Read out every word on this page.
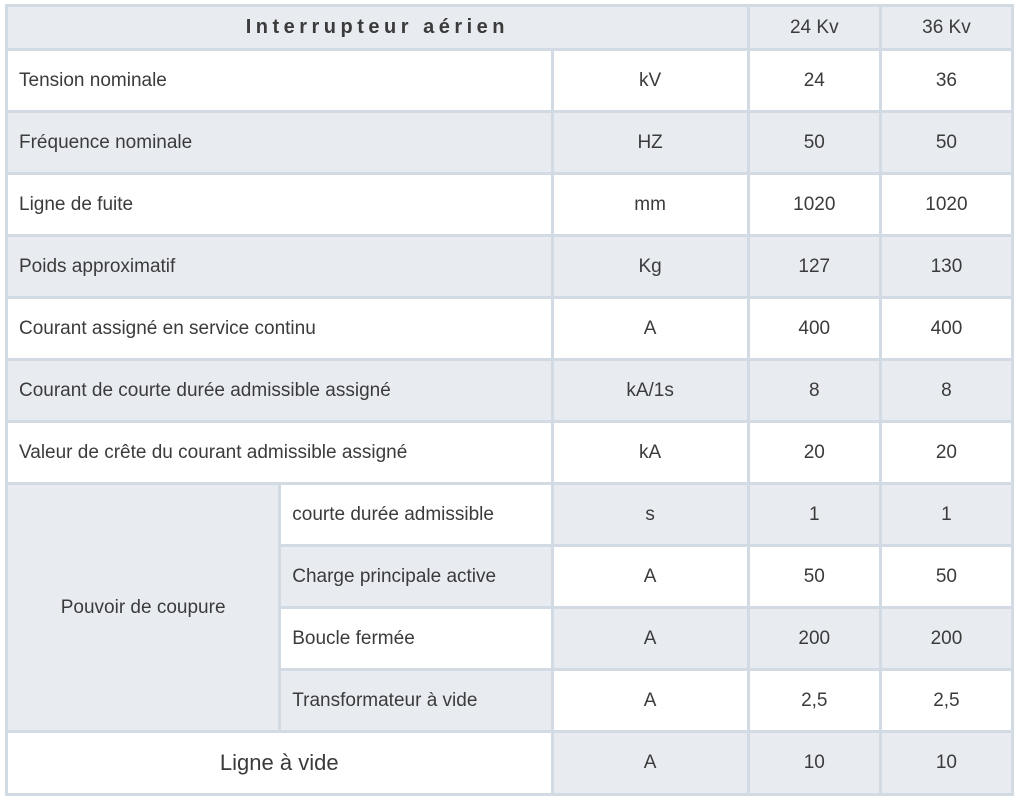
Interrupteur aérien			24 Kv	36 Kv
Tension nominale		kV	24	36
Fréquence nominale		HZ	50	50
Ligne de fuite		mm	1020	1020
Poids approximatif		Kg	127	130
Courant assigné en service continu		A	400	400
Courant de courte durée admissible assigné		kA/1s	8	8
Valeur de crête du courant admissible assigné		kA	20	20
Pouvoir de coupure	courte durée admissible	s	1	1
	Charge principale active	A	50	50
	Boucle fermée	A	200	200
	Transformateur à vide	A	2,5	2,5
Ligne à vide		A	10	10
